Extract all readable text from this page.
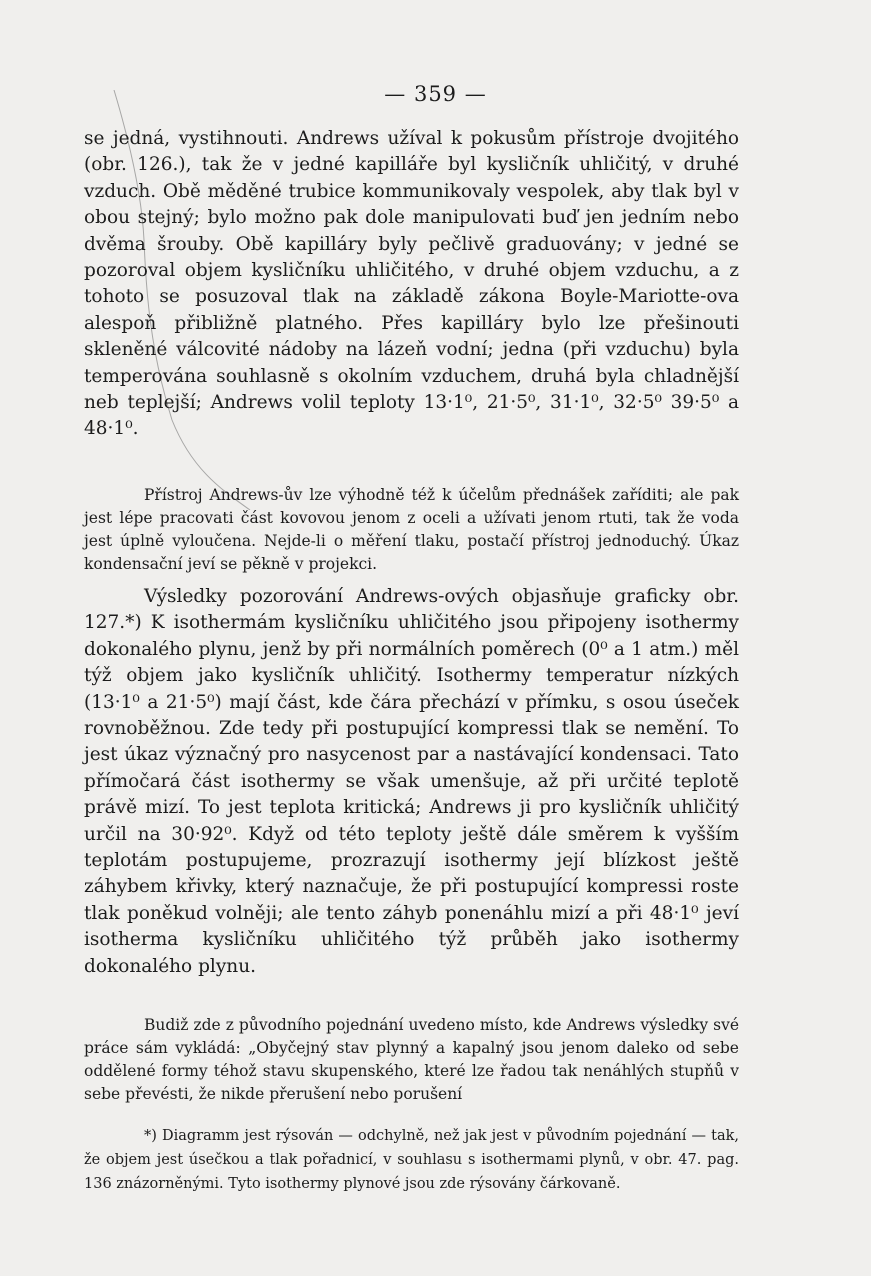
— 359 —

se jedná, vystihnouti. Andrews užíval k pokusům přístroje dvojitého (obr. 126.), tak že v jedné kapilláře byl kysličník uhličitý, v druhé vzduch. Obě měděné trubice kommunikovaly vespolek, aby tlak byl v obou stejný; bylo možno pak dole manipulovati buď jen jedním nebo dvěma šrouby. Obě kapilláry byly pečlivě graduovány; v jedné se pozoroval objem kysličníku uhličitého, v druhé objem vzduchu, a z tohoto se posuzoval tlak na základě zákona Boyle-Mariotte-ova alespoň přibližně platného. Přes kapilláry bylo lze přešinouti skleněné válcovité nádoby na lázeň vodní; jedna (při vzduchu) byla temperována souhlasně s okolním vzduchem, druhá byla chladnější neb teplejší; Andrews volil teploty 13·1⁰, 21·5⁰, 31·1⁰, 32·5⁰ 39·5⁰ a 48·1⁰.

Přístroj Andrews-ův lze výhodně též k účelům přednášek zaříditi; ale pak jest lépe pracovati část kovovou jenom z oceli a užívati jenom rtuti, tak že voda jest úplně vyloučena. Nejde-li o měření tlaku, postačí přístroj jednoduchý. Úkaz kondensační jeví se pěkně v projekci.

Výsledky pozorování Andrews-ových objasňuje graficky obr. 127.*) K isothermám kysličníku uhličitého jsou připojeny isothermy dokonalého plynu, jenž by při normálních poměrech (0⁰ a 1 atm.) měl týž objem jako kysličník uhličitý. Isothermy temperatur nízkých (13·1⁰ a 21·5⁰) mají část, kde čára přechází v přímku, s osou úseček rovnoběžnou. Zde tedy při postupující kompressi tlak se nemění. To jest úkaz význačný pro nasycenost par a nastávající kondensaci. Tato přímočará část isothermy se však umenšuje, až při určité teplotě právě mizí. To jest teplota kritická; Andrews ji pro kysličník uhličitý určil na 30·92⁰. Když od této teploty ještě dále směrem k vyšším teplotám postupujeme, prozrazují isothermy její blízkost ještě záhybem křivky, který naznačuje, že při postupující kompressi roste tlak poněkud volněji; ale tento záhyb ponenáhlu mizí a při 48·1⁰ jeví isotherma kysličníku uhličitého týž průběh jako isothermy dokonalého plynu.

Budiž zde z původního pojednání uvedeno místo, kde Andrews výsledky své práce sám vykládá: „Obyčejný stav plynný a kapalný jsou jenom daleko od sebe oddělené formy téhož stavu skupenského, které lze řadou tak nenáhlých stupňů v sebe převésti, že nikde přerušení nebo porušení

*) Diagramm jest rýsován — odchylně, než jak jest v původním pojednání — tak, že objem jest úsečkou a tlak pořadnicí, v souhlasu s isothermami plynů, v obr. 47. pag. 136 znázorněnými. Tyto isothermy plynové jsou zde rýsovány čárkovaně.
